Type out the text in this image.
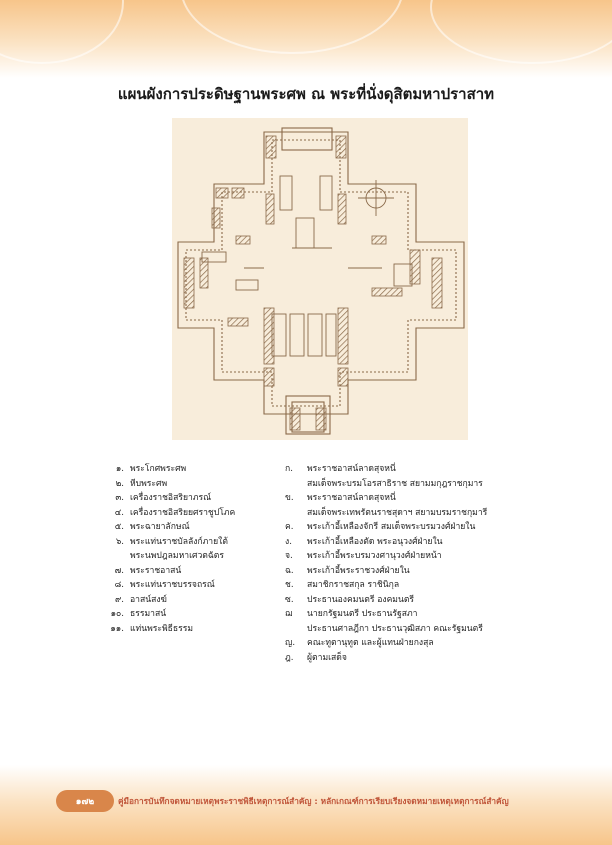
แผนผังการประดิษฐานพระศพ ณ พระที่นั่งดุสิตมหาปราสาท
๑. พระโกศพระศพ
๒. หีบพระศพ
๓. เครื่องราชอิสริยาภรณ์
๔. เครื่องราชอิสริยยศราชูปโภค
๕. พระฉายาลักษณ์
๖. พระแท่นราชบัลลังก์ภายใต้
พระนพปฎลมหาเศวตฉัตร
๗. พระราชอาสน์
๘. พระแท่นราชบรรจถรณ์
๙. อาสน์สงฆ์
๑๐. ธรรมาสน์
๑๑. แท่นพระพิธีธรรม
ก.	พระราชอาสน์ลาดสุจหนี่
สมเด็จพระบรมโอรสาธิราช สยามมกุฎราชกุมาร
ข.	พระราชอาสน์ลาดสุจหนี่
สมเด็จพระเทพรัตนราชสุดาฯ สยามบรมราชกุมารี
ค.	พระเก้าอี้เหลืองจักรี สมเด็จพระบรมวงศ์ฝ่ายใน
ง.	พระเก้าอี้เหลืองตัด พระอนุวงศ์ฝ่ายใน
จ.	พระเก้าอี้พระบรมวงศานุวงศ์ฝ่ายหน้า
ฉ.	พระเก้าอี้พระราชวงศ์ฝ่ายใน
ช.	สมาชิกราชสกุล ราชินิกุล
ซ.	ประธานองคมนตรี องคมนตรี
ฌ	นายกรัฐมนตรี ประธานรัฐสภา
ประธานศาลฎีกา ประธานวุฒิสภา คณะรัฐมนตรี
ญ.	คณะทูตานุทูต และผู้แทนฝ่ายกงสุล
ฎ.	ผู้ตามเสด็จ
๑๗๒	คู่มือการบันทึกจดหมายเหตุพระราชพิธีเหตุการณ์สำคัญ : หลักเกณฑ์การเรียบเรียงจดหมายเหตุเหตุการณ์สำคัญ
